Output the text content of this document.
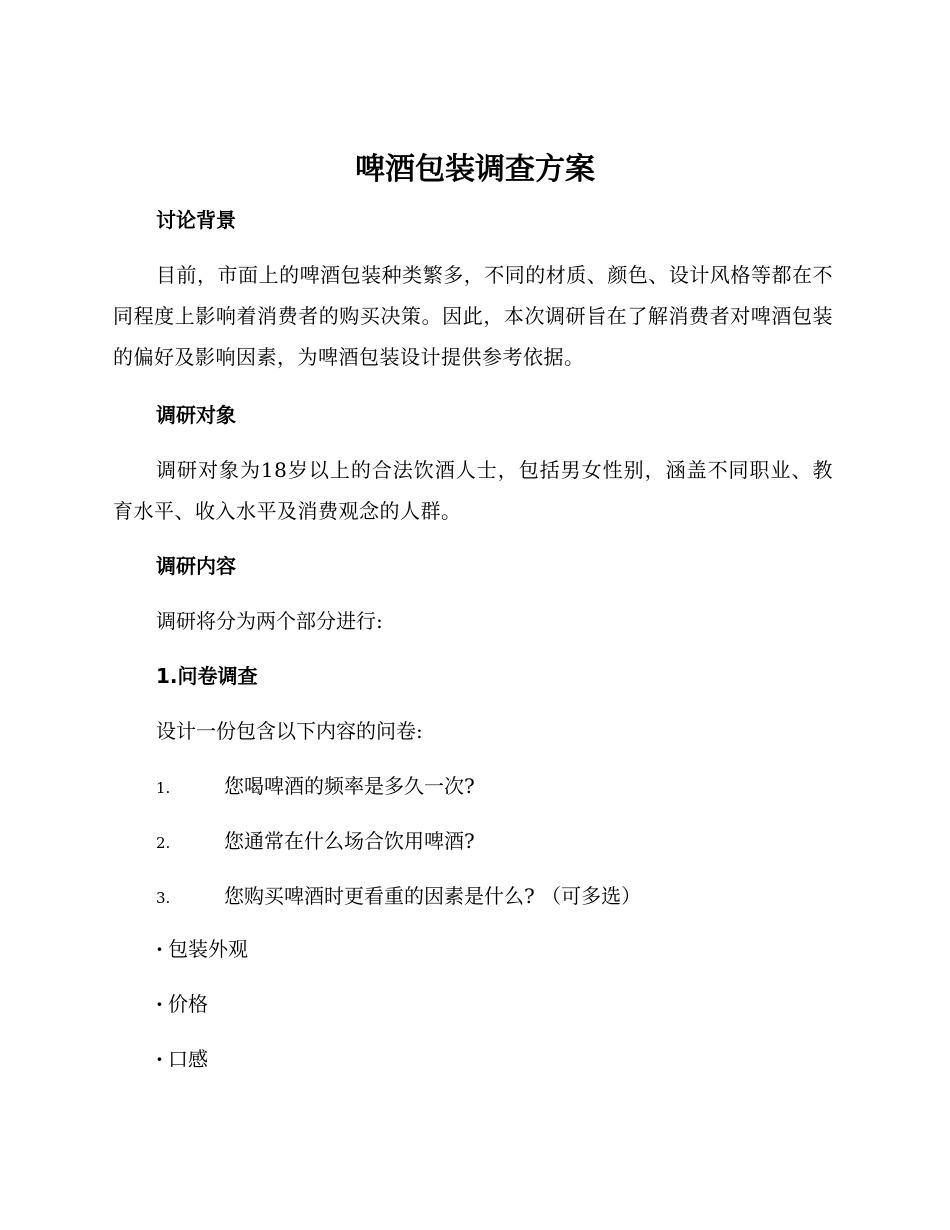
啤酒包装调查方案
讨论背景
目前，市面上的啤酒包装种类繁多，不同的材质、颜色、设计风格等都在不同程度上影响着消费者的购买决策。因此，本次调研旨在了解消费者对啤酒包装的偏好及影响因素，为啤酒包装设计提供参考依据。
调研对象
调研对象为18岁以上的合法饮酒人士，包括男女性别，涵盖不同职业、教育水平、收入水平及消费观念的人群。
调研内容
调研将分为两个部分进行:
1.问卷调查
设计一份包含以下内容的问卷:
1.	您喝啤酒的频率是多久一次?
2.	您通常在什么场合饮用啤酒?
3.	您购买啤酒时更看重的因素是什么? （可多选）
· 包装外观
· 价格
· 口感
